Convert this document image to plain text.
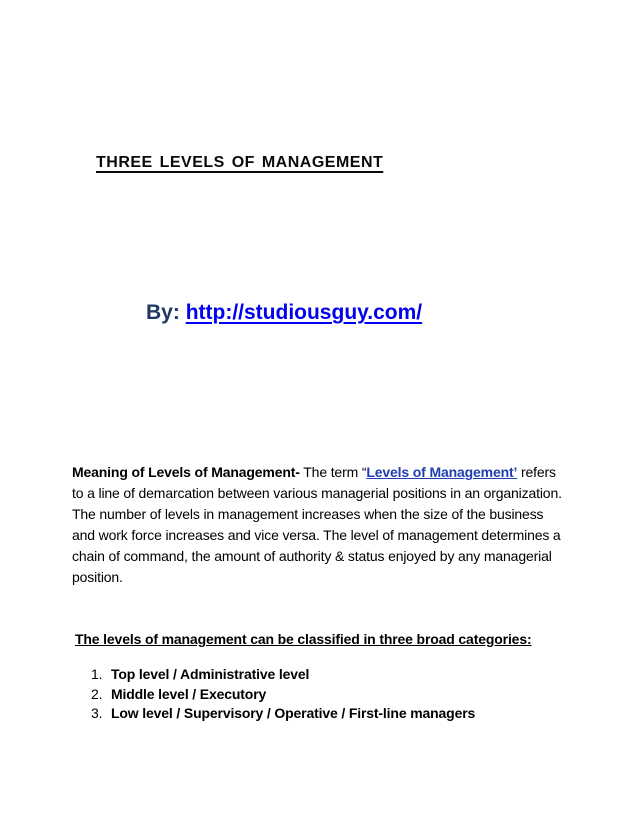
three levels of management
By: http://studiousguy.com/

Meaning of Levels of Management- The term “Levels of Management’ refers to a line of demarcation between various managerial positions in an organization. The number of levels in management increases when the size of the business and work force increases and vice versa. The level of management determines a chain of command, the amount of authority & status enjoyed by any managerial position.

The levels of management can be classified in three broad categories:
1. Top level / Administrative level
2. Middle level / Executory
3. Low level / Supervisory / Operative / First-line managers
